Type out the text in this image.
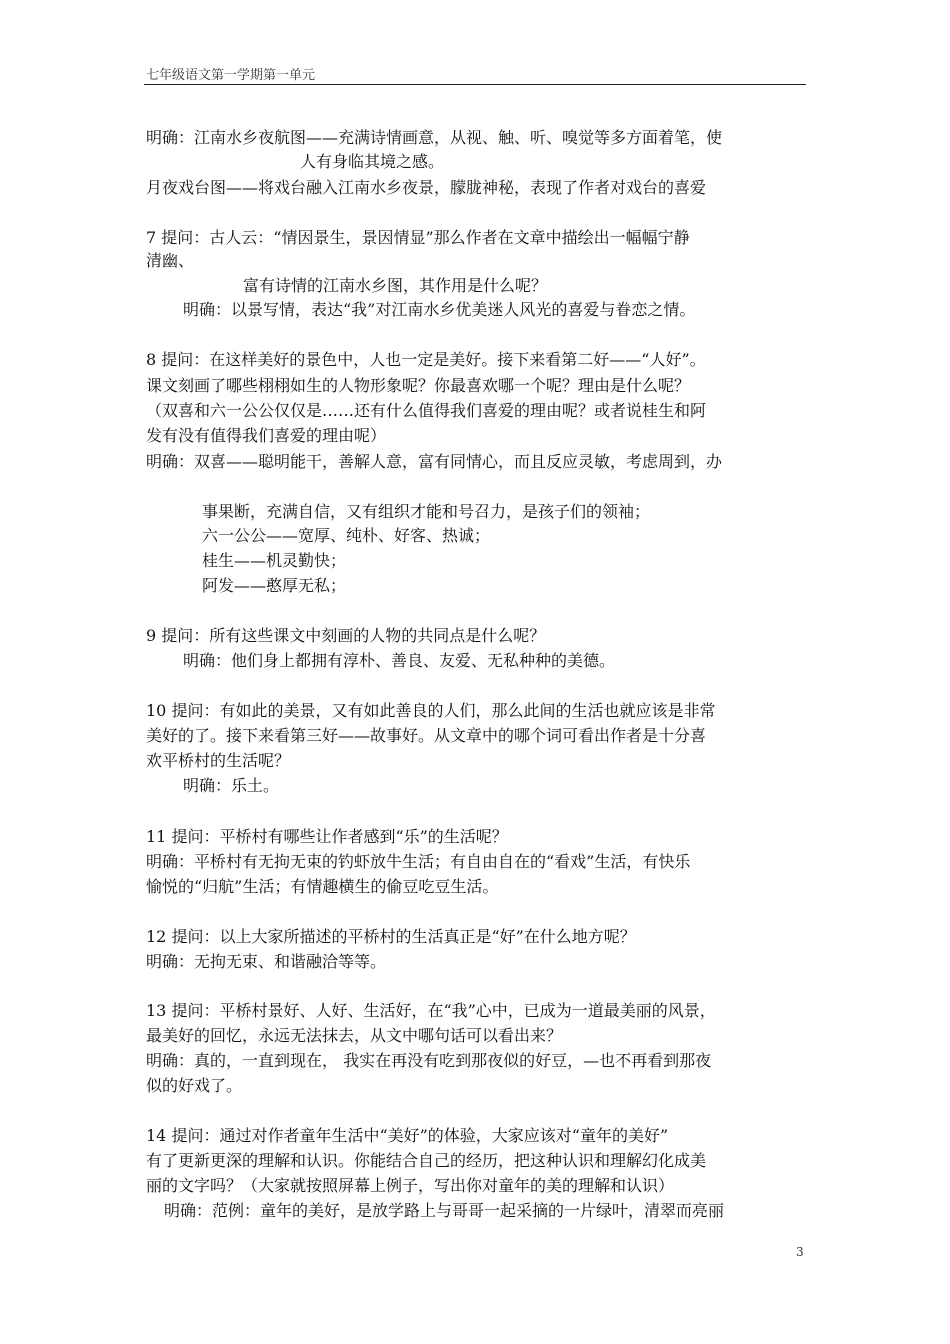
七年级语文第一学期第一单元
明确：江南水乡夜航图——充满诗情画意，从视、触、听、嗅觉等多方面着笔，使
人有身临其境之感。
月夜戏台图——将戏台融入江南水乡夜景，朦胧神秘，表现了作者对戏台的喜爱
7 提问：古人云：“情因景生，景因情显”那么作者在文章中描绘出一幅幅宁静
清幽、
富有诗情的江南水乡图，其作用是什么呢？
明确：以景写情，表达“我”对江南水乡优美迷人风光的喜爱与眷恋之情。
8 提问：在这样美好的景色中，人也一定是美好。接下来看第二好——“人好”。
课文刻画了哪些栩栩如生的人物形象呢？你最喜欢哪一个呢？理由是什么呢？
（双喜和六一公公仅仅是……还有什么值得我们喜爱的理由呢？或者说桂生和阿
发有没有值得我们喜爱的理由呢）
明确：双喜——聪明能干，善解人意，富有同情心，而且反应灵敏，考虑周到，办
事果断，充满自信，又有组织才能和号召力，是孩子们的领袖；
六一公公——宽厚、纯朴、好客、热诚；
桂生——机灵勤快；
阿发——憨厚无私；
9 提问：所有这些课文中刻画的人物的共同点是什么呢？
明确：他们身上都拥有淳朴、善良、友爱、无私种种的美德。
10 提问：有如此的美景，又有如此善良的人们，那么此间的生活也就应该是非常
美好的了。接下来看第三好——故事好。从文章中的哪个词可看出作者是十分喜
欢平桥村的生活呢？
明确：乐土。
11 提问：平桥村有哪些让作者感到“乐”的生活呢？
明确：平桥村有无拘无束的钓虾放牛生活；有自由自在的“看戏”生活，有快乐
愉悦的“归航”生活；有情趣横生的偷豆吃豆生活。
12 提问：以上大家所描述的平桥村的生活真正是“好”在什么地方呢？
明确：无拘无束、和谐融洽等等。
13 提问：平桥村景好、人好、生活好，在“我”心中，已成为一道最美丽的风景，
最美好的回忆，永远无法抹去，从文中哪句话可以看出来？
明确：真的，一直到现在， 我实在再没有吃到那夜似的好豆，—也不再看到那夜
似的好戏了。
14 提问：通过对作者童年生活中“美好”的体验，大家应该对“童年的美好”
有了更新更深的理解和认识。你能结合自己的经历，把这种认识和理解幻化成美
丽的文字吗？（大家就按照屏幕上例子，写出你对童年的美的理解和认识）
明确：范例：童年的美好，是放学路上与哥哥一起采摘的一片绿叶，清翠而亮丽
3
